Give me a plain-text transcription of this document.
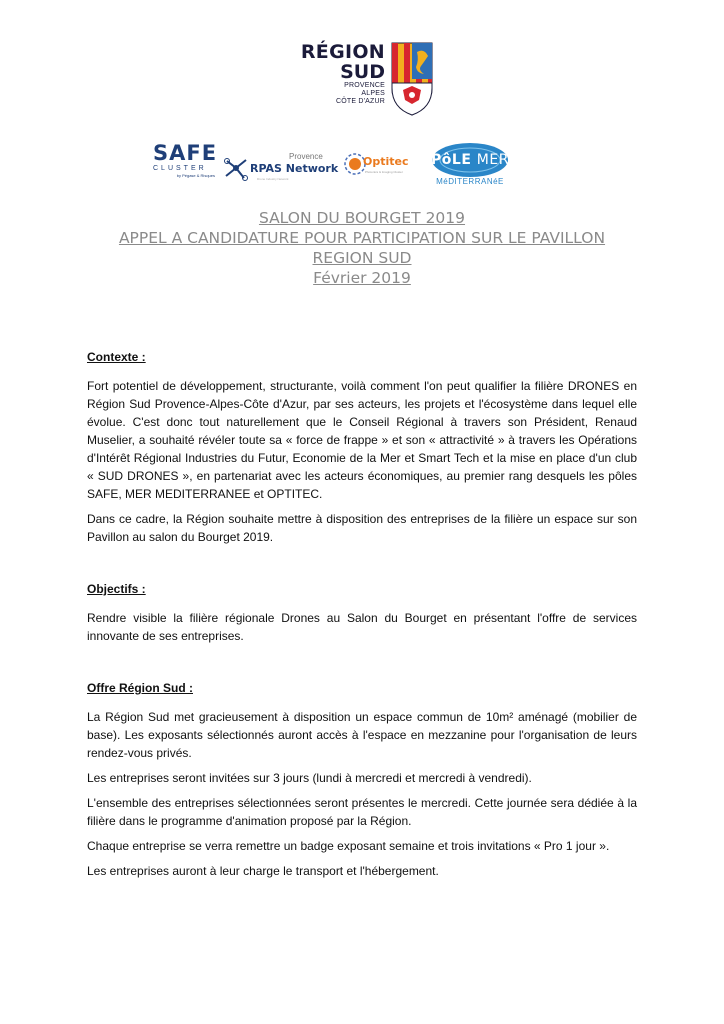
RÉGION
SUD
PROVENCE
ALPES
CÔTE D'AZUR
SAFE
CLUSTER
by Pégase & Risques
Provence
RPAS Network
Drone Industry Network
Optitec
Photonics & Imaging Cluster
PôLE MER
MéDITERRANéE

SALON DU BOURGET 2019

APPEL A CANDIDATURE POUR PARTICIPATION SUR LE PAVILLON

REGION SUD

Février 2019

Contexte :

Fort potentiel de développement, structurante, voilà comment l'on peut qualifier la filière DRONES en Région Sud Provence-Alpes-Côte d'Azur, par ses acteurs, les projets et l'écosystème dans lequel elle évolue. C'est donc tout naturellement que le Conseil Régional à travers son Président, Renaud Muselier, a souhaité révéler toute sa « force de frappe » et son « attractivité » à travers les Opérations d'Intérêt Régional Industries du Futur, Economie de la Mer et Smart Tech et la mise en place d'un club « SUD DRONES », en partenariat avec les acteurs économiques, au premier rang desquels les pôles SAFE, MER MEDITERRANEE et OPTITEC.

Dans ce cadre, la Région souhaite mettre à disposition des entreprises de la filière un espace sur son Pavillon au salon du Bourget 2019.

Objectifs :

Rendre visible la filière régionale Drones au Salon du Bourget en présentant l'offre de services innovante de ses entreprises.

Offre Région Sud :

La Région Sud met gracieusement à disposition un espace commun de 10m² aménagé (mobilier de base). Les exposants sélectionnés auront accès à l'espace en mezzanine pour l'organisation de leurs rendez-vous privés.

Les entreprises seront invitées sur 3 jours (lundi à mercredi et mercredi à vendredi).

L'ensemble des entreprises sélectionnées seront présentes le mercredi. Cette journée sera dédiée à la filière dans le programme d'animation proposé par la Région.

Chaque entreprise se verra remettre un badge exposant semaine et trois invitations « Pro 1 jour ».

Les entreprises auront à leur charge le transport et l'hébergement.
